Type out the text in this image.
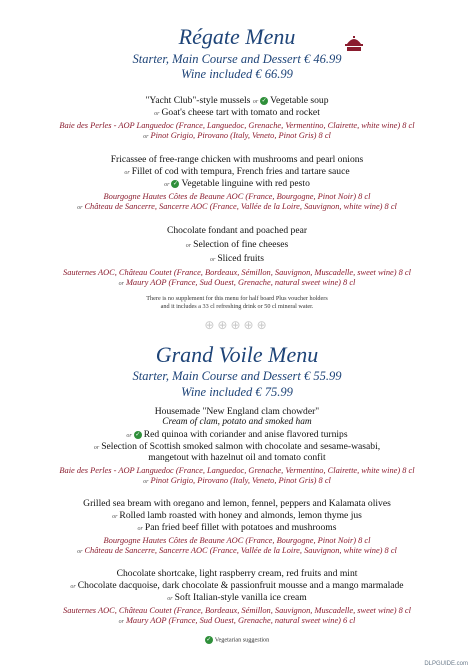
Régate Menu
Starter, Main Course and Dessert € 46.99
Wine included € 66.99
"Yacht Club"-style mussels or ✓ Vegetable soup
or Goat's cheese tart with tomato and rocket
Baie des Perles - AOP Languedoc (France, Languedoc, Grenache, Vermentino, Clairette, white wine) 8 cl
or Pinot Grigio, Pirovano (Italy, Veneto, Pinot Gris) 8 cl
Fricassee of free-range chicken with mushrooms and pearl onions
or Fillet of cod with tempura, French fries and tartare sauce
or ✓ Vegetable linguine with red pesto
Bourgogne Hautes Côtes de Beaune AOC (France, Bourgogne, Pinot Noir) 8 cl
or Château de Sancerre, Sancerre AOC (France, Vallée de la Loire, Sauvignon, white wine) 8 cl
Chocolate fondant and poached pear
or Selection of fine cheeses
or Sliced fruits
Sauternes AOC, Château Coutet (France, Bordeaux, Sémillon, Sauvignon, Muscadelle, sweet wine) 8 cl
or Maury AOP (France, Sud Ouest, Grenache, natural sweet wine) 8 cl
There is no supplement for this menu for half board Plus voucher holders
and it includes a 33 cl refreshing drink or 50 cl mineral water.
⊕⊕⊕⊕⊕
Grand Voile Menu
Starter, Main Course and Dessert € 55.99
Wine included € 75.99
Housemade "New England clam chowder"
Cream of clam, potato and smoked ham
or ✓ Red quinoa with coriander and anise flavored turnips
or Selection of Scottish smoked salmon with chocolate and sesame-wasabi,
mangetout with hazelnut oil and tomato confit
Baie des Perles - AOP Languedoc (France, Languedoc, Grenache, Vermentino, Clairette, white wine) 8 cl
or Pinot Grigio, Pirovano (Italy, Veneto, Pinot Gris) 8 cl
Grilled sea bream with oregano and lemon, fennel, peppers and Kalamata olives
or Rolled lamb roasted with honey and almonds, lemon thyme jus
or Pan fried beef fillet with potatoes and mushrooms
Bourgogne Hautes Côtes de Beaune AOC (France, Bourgogne, Pinot Noir) 8 cl
or Château de Sancerre, Sancerre AOC (France, Vallée de la Loire, Sauvignon, white wine) 8 cl
Chocolate shortcake, light raspberry cream, red fruits and mint
or Chocolate dacquoise, dark chocolate & passionfruit mousse and a mango marmalade
or Soft Italian-style vanilla ice cream
Sauternes AOC, Château Coutet (France, Bordeaux, Sémillon, Sauvignon, Muscadelle, sweet wine) 8 cl
or Maury AOP (France, Sud Ouest, Grenache, natural sweet wine) 6 cl
✓ Vegetarian suggestion
DLPGUIDE.com
